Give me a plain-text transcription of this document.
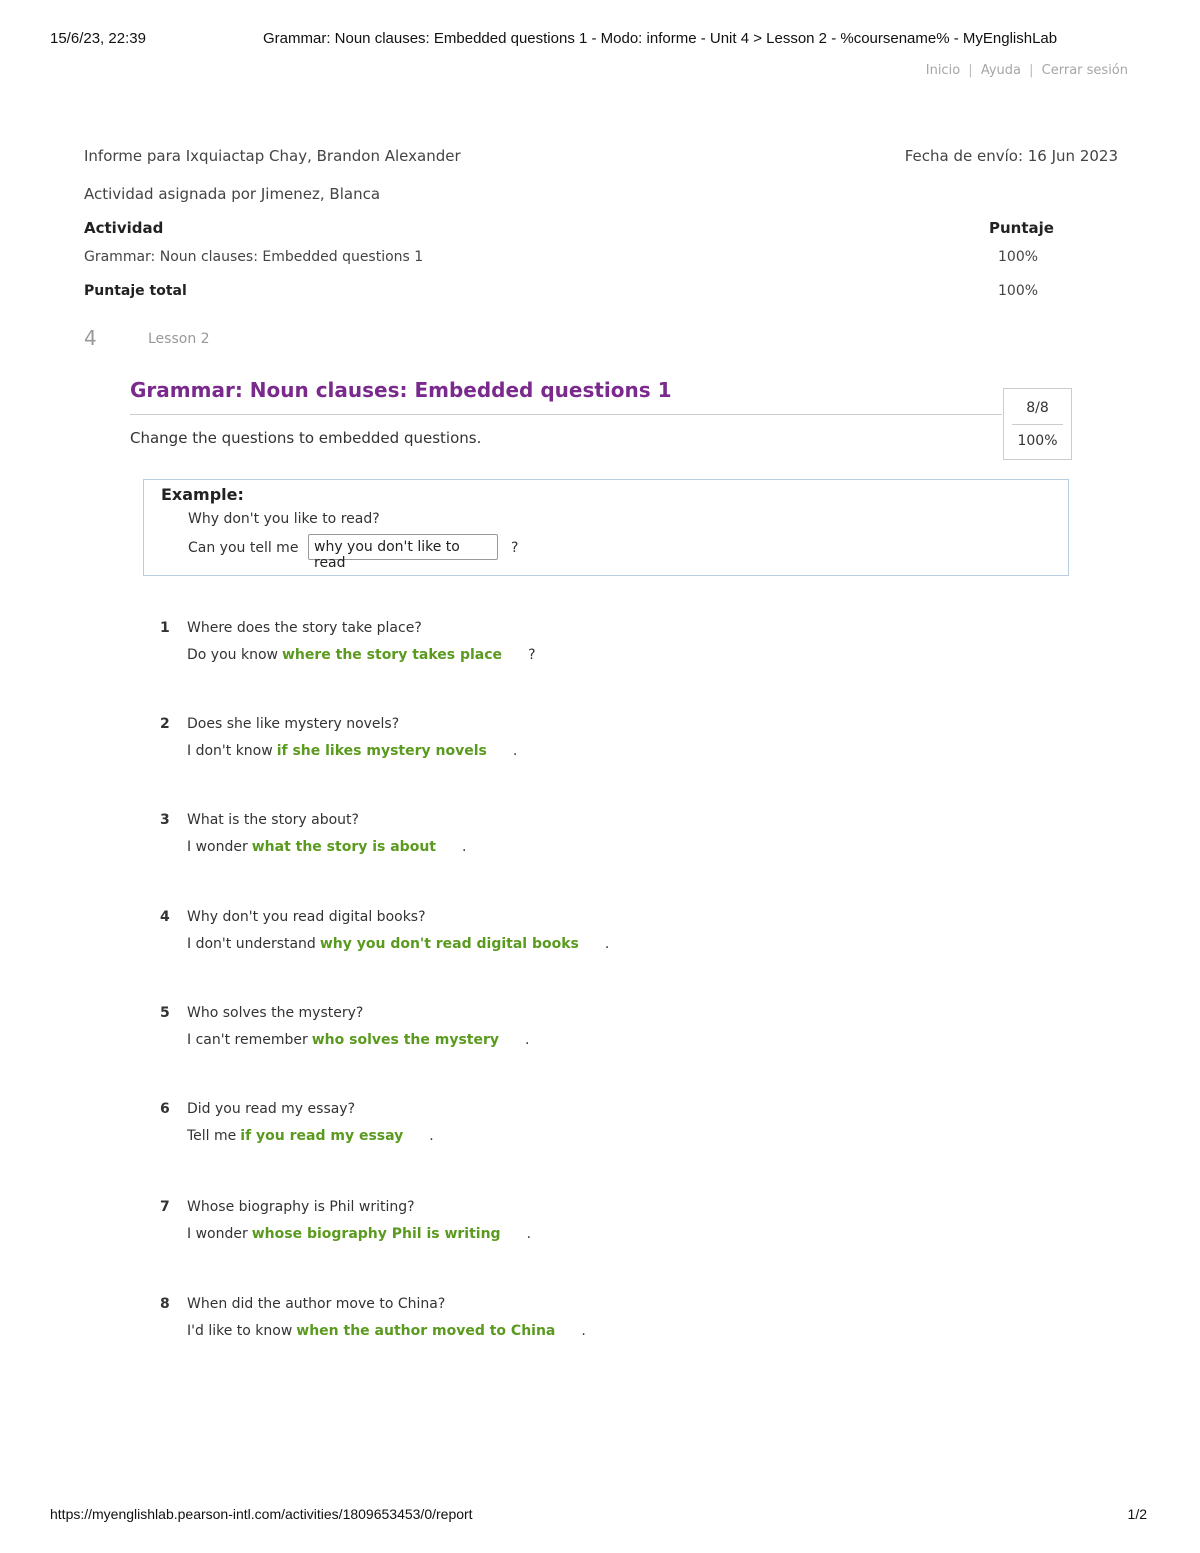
15/6/23, 22:39	Grammar: Noun clauses: Embedded questions 1 - Modo: informe - Unit 4 > Lesson 2 - %coursename% - MyEnglishLab
Inicio | Ayuda | Cerrar sesión
Informe para Ixquiactap Chay, Brandon Alexander	Fecha de envío: 16 Jun 2023
Actividad asignada por Jimenez, Blanca
Actividad	Puntaje
Grammar: Noun clauses: Embedded questions 1	100%
Puntaje total	100%
4	Lesson 2
Grammar: Noun clauses: Embedded questions 1
Change the questions to embedded questions.
8/8
100%
Example:
Why don't you like to read?
Can you tell me	why you don't like to read
?
1 Where does the story take place?
Do you know where the story takes place ?
2 Does she like mystery novels?
I don't know if she likes mystery novels .
3 What is the story about?
I wonder what the story is about .
4 Why don't you read digital books?
I don't understand why you don't read digital books .
5 Who solves the mystery?
I can't remember who solves the mystery .
6 Did you read my essay?
Tell me if you read my essay .
7 Whose biography is Phil writing?
I wonder whose biography Phil is writing .
8 When did the author move to China?
I'd like to know when the author moved to China .
https://myenglishlab.pearson-intl.com/activities/1809653453/0/report	1/2
